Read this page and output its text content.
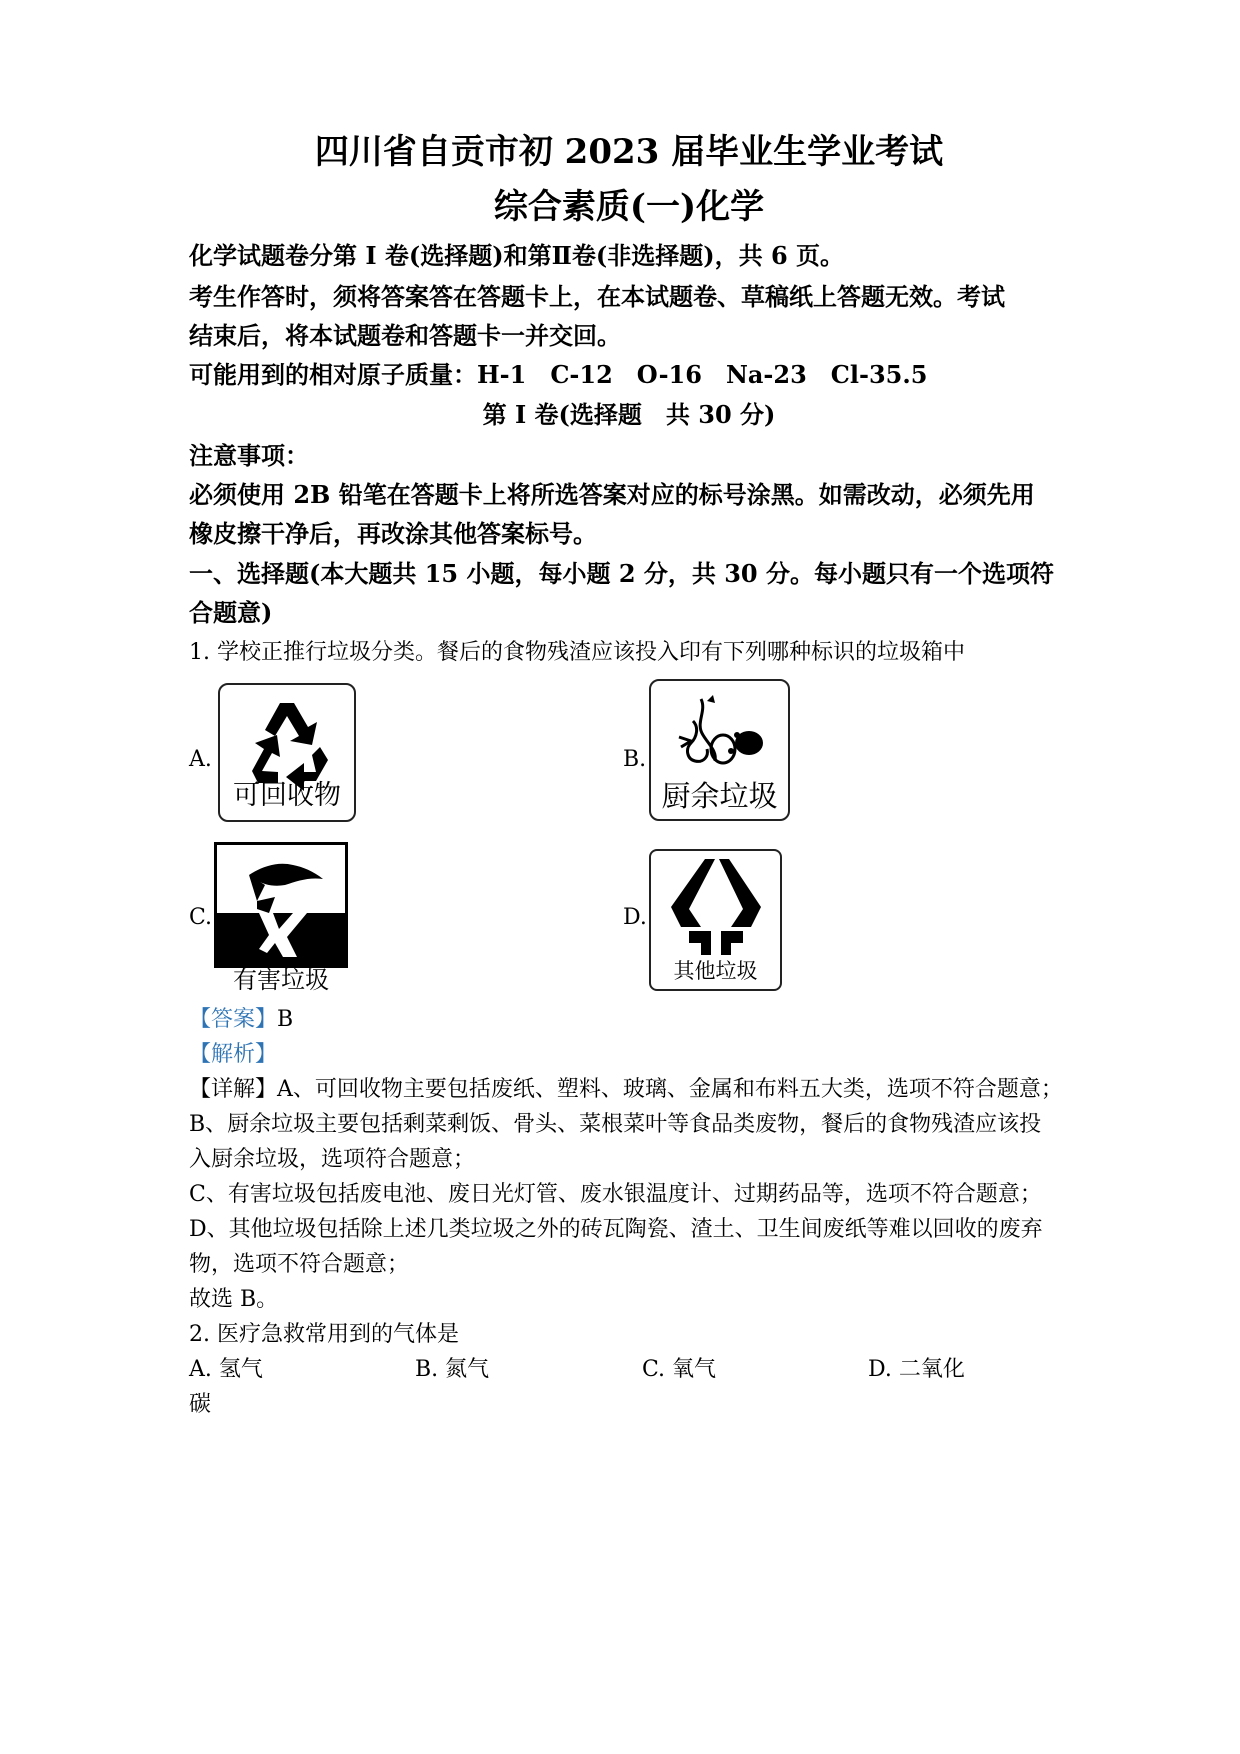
四川省自贡市初 2023 届毕业生学业考试
综合素质(一)化学
化学试题卷分第 I 卷(选择题)和第Ⅱ卷(非选择题)，共 6 页。
考生作答时，须将答案答在答题卡上，在本试题卷、草稿纸上答题无效。考试
结束后，将本试题卷和答题卡一并交回。
可能用到的相对原子质量：H-1　C-12　O-16　Na-23　Cl-35.5
第 I 卷(选择题　共 30 分)
注意事项：
必须使用 2B 铅笔在答题卡上将所选答案对应的标号涂黑。如需改动，必须先用
橡皮擦干净后，再改涂其他答案标号。
一、选择题(本大题共 15 小题，每小题 2 分，共 30 分。每小题只有一个选项符
合题意)
1. 学校正推行垃圾分类。餐后的食物残渣应该投入印有下列哪种标识的垃圾箱中
A.
可回收物
B.
厨余垃圾
C.
有害垃圾
D.
其他垃圾
【答案】B
【解析】
【详解】A、可回收物主要包括废纸、塑料、玻璃、金属和布料五大类，选项不符合题意；
B、厨余垃圾主要包括剩菜剩饭、骨头、菜根菜叶等食品类废物，餐后的食物残渣应该投
入厨余垃圾，选项符合题意；
C、有害垃圾包括废电池、废日光灯管、废水银温度计、过期药品等，选项不符合题意；
D、其他垃圾包括除上述几类垃圾之外的砖瓦陶瓷、渣土、卫生间废纸等难以回收的废弃
物，选项不符合题意；
故选 B。
2. 医疗急救常用到的气体是
A. 氢气	B. 氮气	C. 氧气	D. 二氧化
碳
